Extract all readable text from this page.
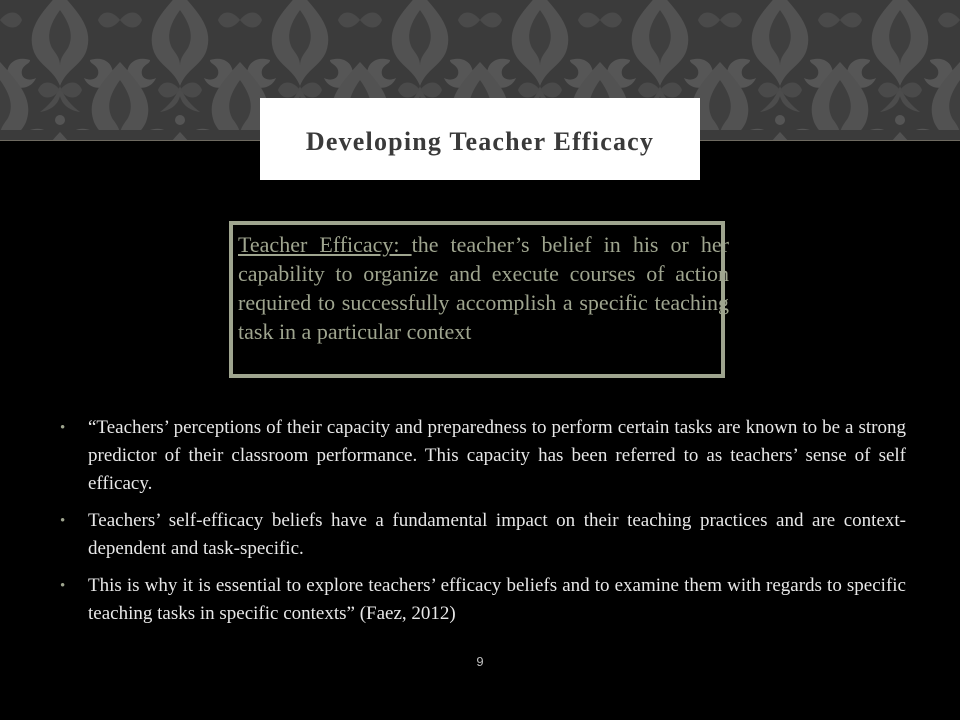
Developing Teacher Efficacy

Teacher Efficacy: the teacher’s belief in his or her capability to organize and execute courses of action required to successfully accomplish a specific teaching task in a particular context

• “Teachers’ perceptions of their capacity and preparedness to perform certain tasks are known to be a strong predictor of their classroom performance. This capacity has been referred to as teachers’ sense of self efficacy.
• Teachers’ self-efficacy beliefs have a fundamental impact on their teaching practices and are context-dependent and task-specific.
• This is why it is essential to explore teachers’ efficacy beliefs and to examine them with regards to specific teaching tasks in specific contexts” (Faez, 2012)
9
